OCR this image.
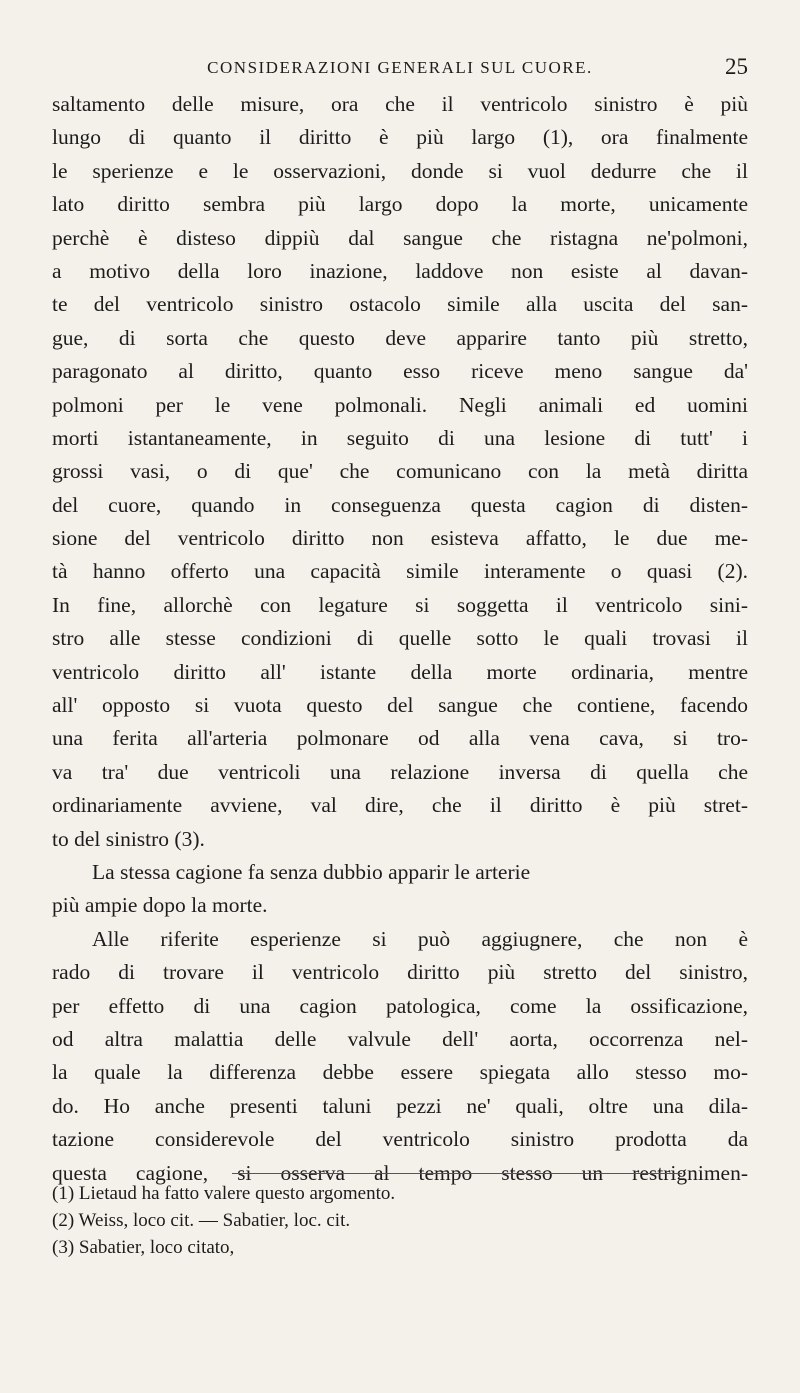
CONSIDERAZIONI GENERALI SUL CUORE.	25
saltamento delle misure, ora che il ventricolo sinistro è più
lungo di quanto il diritto è più largo (1), ora finalmente
le sperienze e le osservazioni, donde si vuol dedurre che il
lato diritto sembra più largo dopo la morte, unicamente
perchè è disteso dippiù dal sangue che ristagna ne'polmoni,
a motivo della loro inazione, laddove non esiste al davan-
te del ventricolo sinistro ostacolo simile alla uscita del san-
gue, di sorta che questo deve apparire tanto più stretto,
paragonato al diritto, quanto esso riceve meno sangue da'
polmoni per le vene polmonali. Negli animali ed uomini
morti istantaneamente, in seguito di una lesione di tutt' i
grossi vasi, o di que' che comunicano con la metà diritta
del cuore, quando in conseguenza questa cagion di disten-
sione del ventricolo diritto non esisteva affatto, le due me-
tà hanno offerto una capacità simile interamente o quasi (2).
In fine, allorchè con legature si soggetta il ventricolo sini-
stro alle stesse condizioni di quelle sotto le quali trovasi il
ventricolo diritto all' istante della morte ordinaria, mentre
all' opposto si vuota questo del sangue che contiene, facendo
una ferita all'arteria polmonare od alla vena cava, si tro-
va tra' due ventricoli una relazione inversa di quella che
ordinariamente avviene, val dire, che il diritto è più stret-
to del sinistro (3).
La stessa cagione fa senza dubbio apparir le arterie
più ampie dopo la morte.
Alle riferite esperienze si può aggiugnere, che non è
rado di trovare il ventricolo diritto più stretto del sinistro,
per effetto di una cagion patologica, come la ossificazione,
od altra malattia delle valvule dell' aorta, occorrenza nel-
la quale la differenza debbe essere spiegata allo stesso mo-
do. Ho anche presenti taluni pezzi ne' quali, oltre una dila-
tazione considerevole del ventricolo sinistro prodotta da
questa cagione, si osserva al tempo stesso un restrignimen-
(1) Lietaud ha fatto valere questo argomento.
(2) Weiss, loco cit. — Sabatier, loc. cit.
(3) Sabatier, loco citato,
